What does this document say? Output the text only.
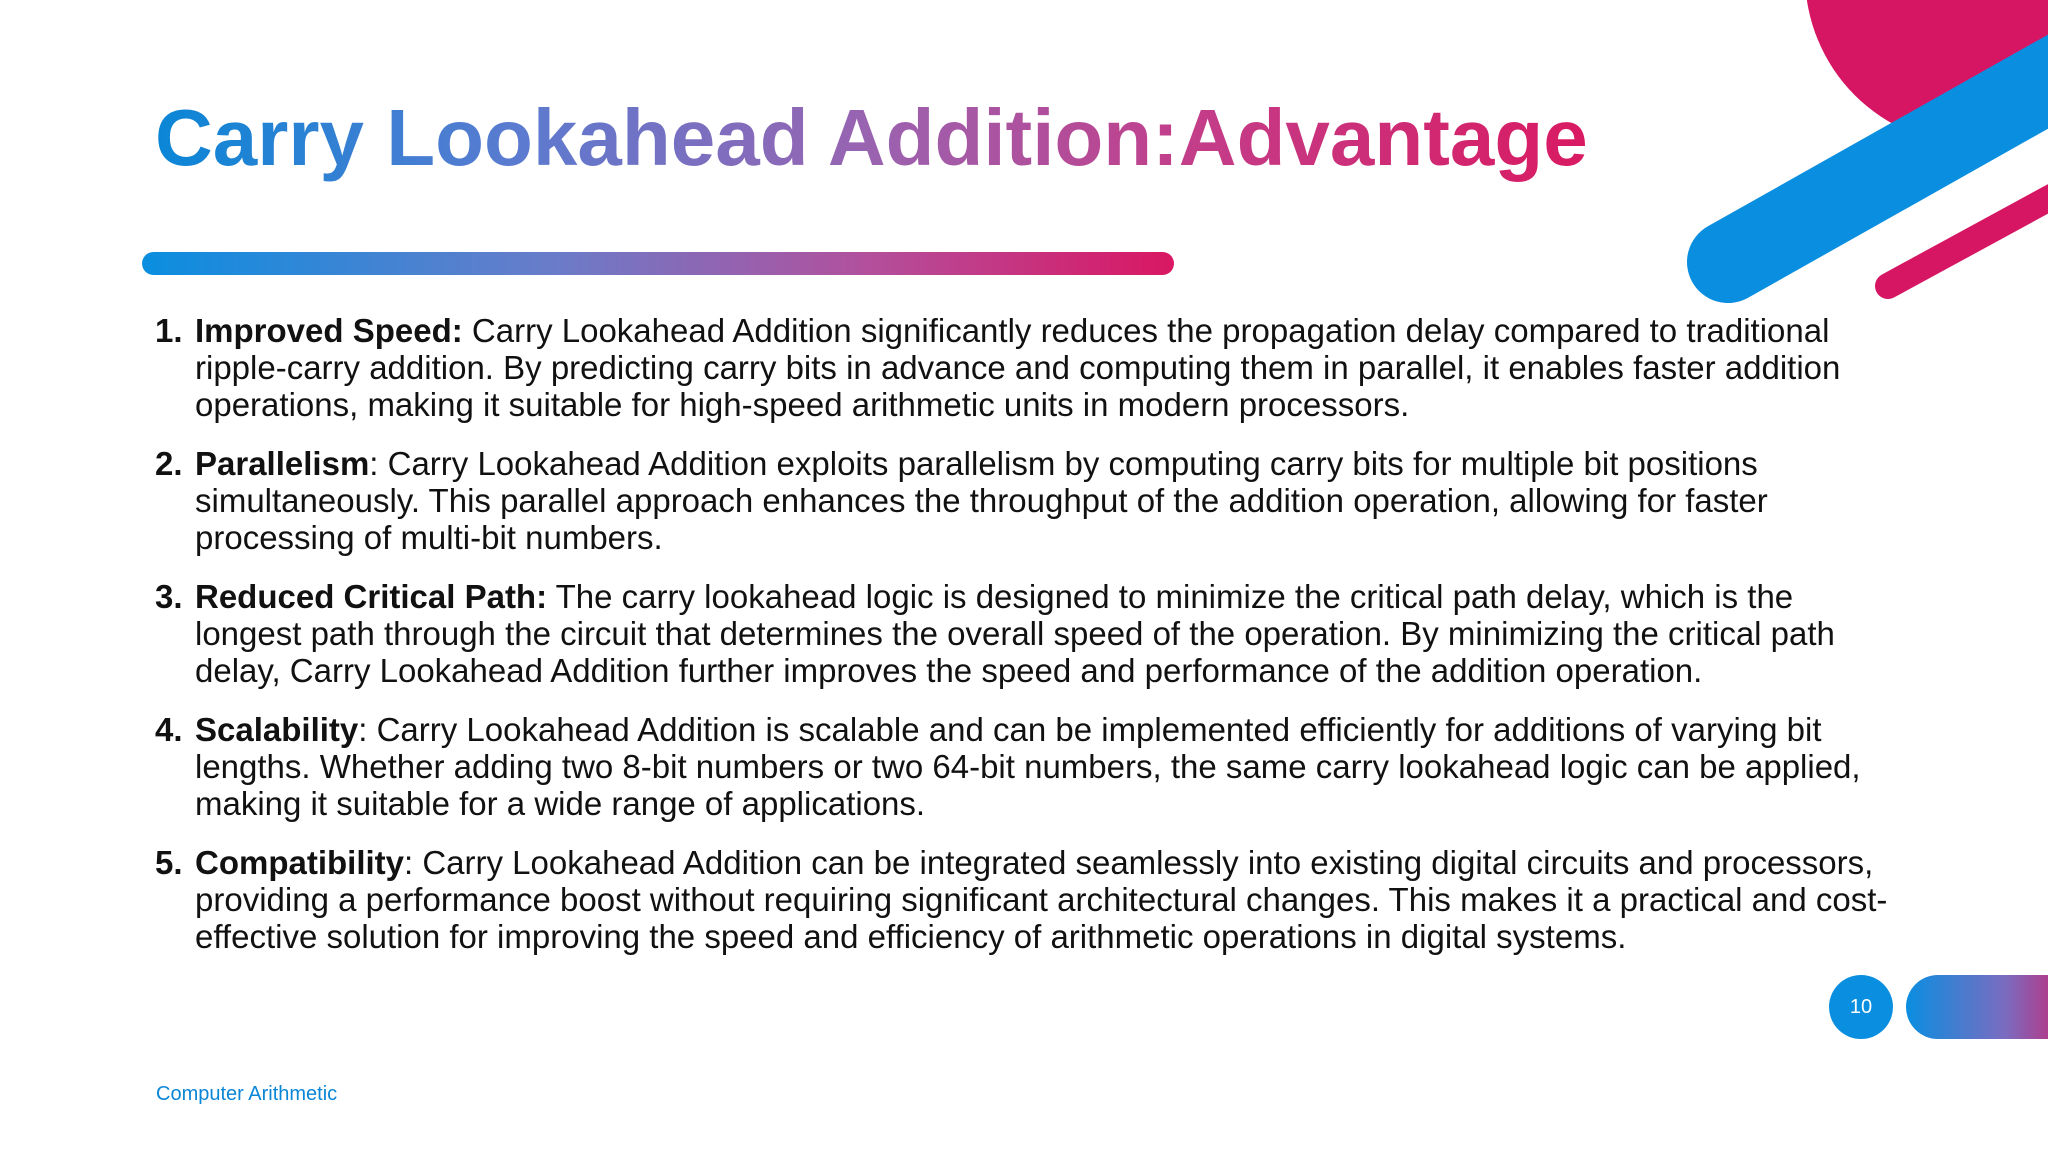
Carry Lookahead Addition:Advantage
1. Improved Speed: Carry Lookahead Addition significantly reduces the propagation delay compared to traditional ripple-carry addition. By predicting carry bits in advance and computing them in parallel, it enables faster addition operations, making it suitable for high-speed arithmetic units in modern processors.
2. Parallelism: Carry Lookahead Addition exploits parallelism by computing carry bits for multiple bit positions simultaneously. This parallel approach enhances the throughput of the addition operation, allowing for faster processing of multi-bit numbers.
3. Reduced Critical Path: The carry lookahead logic is designed to minimize the critical path delay, which is the longest path through the circuit that determines the overall speed of the operation. By minimizing the critical path delay, Carry Lookahead Addition further improves the speed and performance of the addition operation.
4. Scalability: Carry Lookahead Addition is scalable and can be implemented efficiently for additions of varying bit lengths. Whether adding two 8-bit numbers or two 64-bit numbers, the same carry lookahead logic can be applied, making it suitable for a wide range of applications.
5. Compatibility: Carry Lookahead Addition can be integrated seamlessly into existing digital circuits and processors, providing a performance boost without requiring significant architectural changes. This makes it a practical and cost-effective solution for improving the speed and efficiency of arithmetic operations in digital systems.
10
Computer Arithmetic
